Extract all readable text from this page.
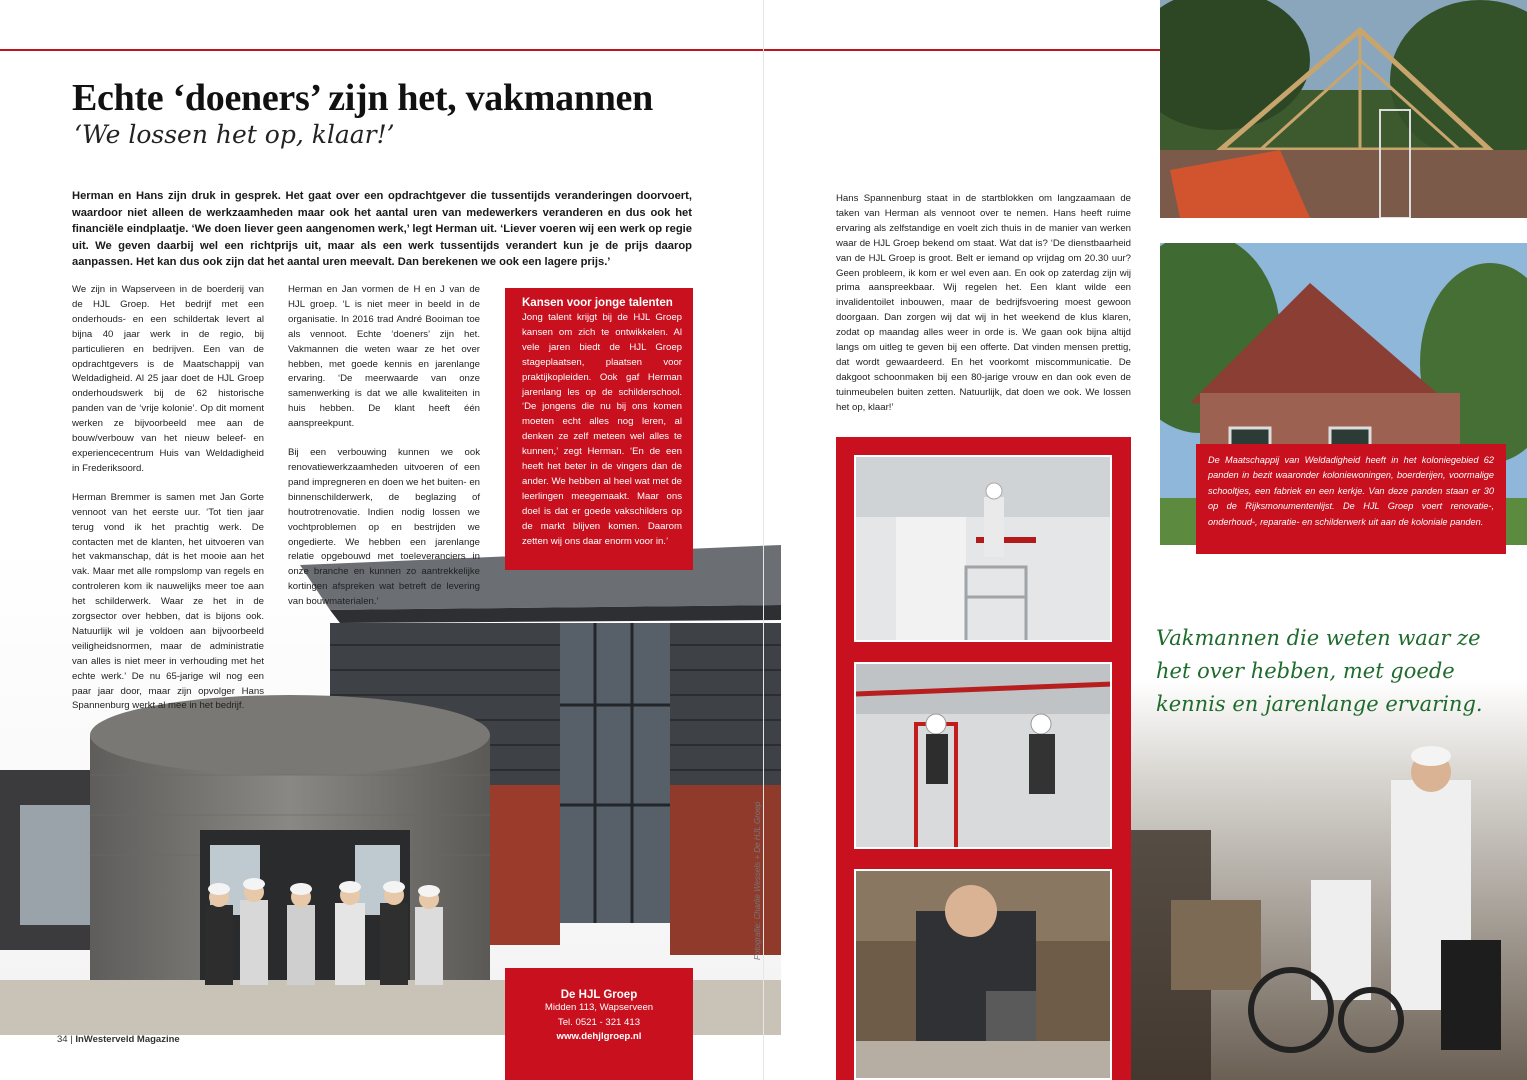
Echte ‘doeners’ zijn het, vakmannen
‘We lossen het op, klaar!’
Herman en Hans zijn druk in gesprek. Het gaat over een opdrachtgever die tussentijds veranderingen doorvoert, waardoor niet alleen de werkzaamheden maar ook het aantal uren van medewerkers veranderen en dus ook het financiële eindplaatje. ‘We doen liever geen aangenomen werk,’ legt Herman uit. ‘Liever voeren wij een werk op regie uit. We geven daarbij wel een richtprijs uit, maar als een werk tussentijds verandert kun je de prijs daarop aanpassen. Het kan dus ook zijn dat het aantal uren meevalt. Dan berekenen we ook een lagere prijs.’

We zijn in Wapserveen in de boerderij van de HJL Groep. Het bedrijf met een onderhouds- en een schildertak levert al bijna 40 jaar werk in de regio, bij particulieren en bedrijven. Een van de opdrachtgevers is de Maatschappij van Weldadigheid. Al 25 jaar doet de HJL Groep onderhoudswerk bij de 62 historische panden van de ‘vrije kolonie’. Op dit moment werken ze bijvoorbeeld mee aan de bouw/verbouw van het nieuw beleef- en experiencecentrum Huis van Weldadigheid in Frederiksoord.

Herman Bremmer is samen met Jan Gorte vennoot van het eerste uur. ‘Tot tien jaar terug vond ik het prachtig werk. De contacten met de klanten, het uitvoeren van het vakmanschap, dát is het mooie aan het vak. Maar met alle rompslomp van regels en controleren kom ik nauwelijks meer toe aan het schilderwerk. Waar ze het in de zorgsector over hebben, dat is bijons ook. Natuurlijk wil je voldoen aan bijvoorbeeld veiligheidsnormen, maar de administratie van alles is niet meer in verhouding met het echte werk.’ De nu 65-jarige wil nog een paar jaar door, maar zijn opvolger Hans Spannenburg werkt al mee in het bedrijf.

Herman en Jan vormen de H en J van de HJL groep. ‘L is niet meer in beeld in de organisatie. In 2016 trad André Booiman toe als vennoot. Echte ‘doeners’ zijn het. Vakmannen die weten waar ze het over hebben, met goede kennis en jarenlange ervaring. ‘De meerwaarde van onze samenwerking is dat we alle kwaliteiten in huis hebben. De klant heeft één aanspreekpunt.

Bij een verbouwing kunnen we ook renovatiewerkzaamheden uitvoeren of een pand impregneren en doen we het buiten- en binnenschilderwerk, de beglazing of houtrotrenovatie. Indien nodig lossen we vochtproblemen op en bestrijden we ongedierte. We hebben een jarenlange relatie opgebouwd met toeleveranciers in onze branche en kunnen zo aantrekkelijke kortingen afspreken wat betreft de levering van bouwmaterialen.’

Kansen voor jonge talenten

Jong talent krijgt bij de HJL Groep kansen om zich te ontwikkelen. Al vele jaren biedt de HJL Groep stageplaatsen, plaatsen voor praktijkopleiden. Ook gaf Herman jarenlang les op de schilderschool. ‘De jongens die nu bij ons komen moeten echt alles nog leren, al denken ze zelf meteen wel alles te kunnen,’ zegt Herman. ‘En de een heeft het beter in de vingers dan de ander. We hebben al heel wat met de leerlingen meegemaakt. Maar ons doel is dat er goede vakschilders op de markt blijven komen. Daarom zetten wij ons daar enorm voor in.’

De HJL Groep
Midden 113, Wapserveen
Tel. 0521 - 321 413
www.dehjlgroep.nl
34 | InWesterveld Magazine
Fotografie: Charlie Wessels + De HJL Groep

Hans Spannenburg staat in de startblokken om langzaamaan de taken van Herman als vennoot over te nemen. Hans heeft ruime ervaring als zelfstandige en voelt zich thuis in de manier van werken waar de HJL Groep bekend om staat. Wat dat is? ‘De dienstbaarheid van de HJL Groep is groot. Belt er iemand op vrijdag om 20.30 uur? Geen probleem, ik kom er wel even aan. En ook op zaterdag zijn wij prima aanspreekbaar. Wij regelen het. Een klant wilde een invalidentoilet inbouwen, maar de bedrijfsvoering moest gewoon doorgaan. Dan zorgen wij dat wij in het weekend de klus klaren, zodat op maandag alles weer in orde is. We gaan ook bijna altijd langs om uitleg te geven bij een offerte. Dat vinden mensen prettig, dat wordt gewaardeerd. En het voorkomt miscommunicatie. De dakgoot schoonmaken bij een 80-jarige vrouw en dan ook even de tuinmeubelen buiten zetten. Natuurlijk, dat doen we ook. We lossen het op, klaar!’

De Maatschappij van Weldadigheid heeft in het koloniegebied 62 panden in bezit waaronder koloniewoningen, boerderijen, voormalige schooltjes, een fabriek en een kerkje. Van deze panden staan er 30 op de Rijksmonumentenlijst. De HJL Groep voert renovatie-, onderhoud-, reparatie- en schilderwerk uit aan de koloniale panden.

Vakmannen die weten waar ze het over hebben, met goede kennis en jarenlange ervaring.
